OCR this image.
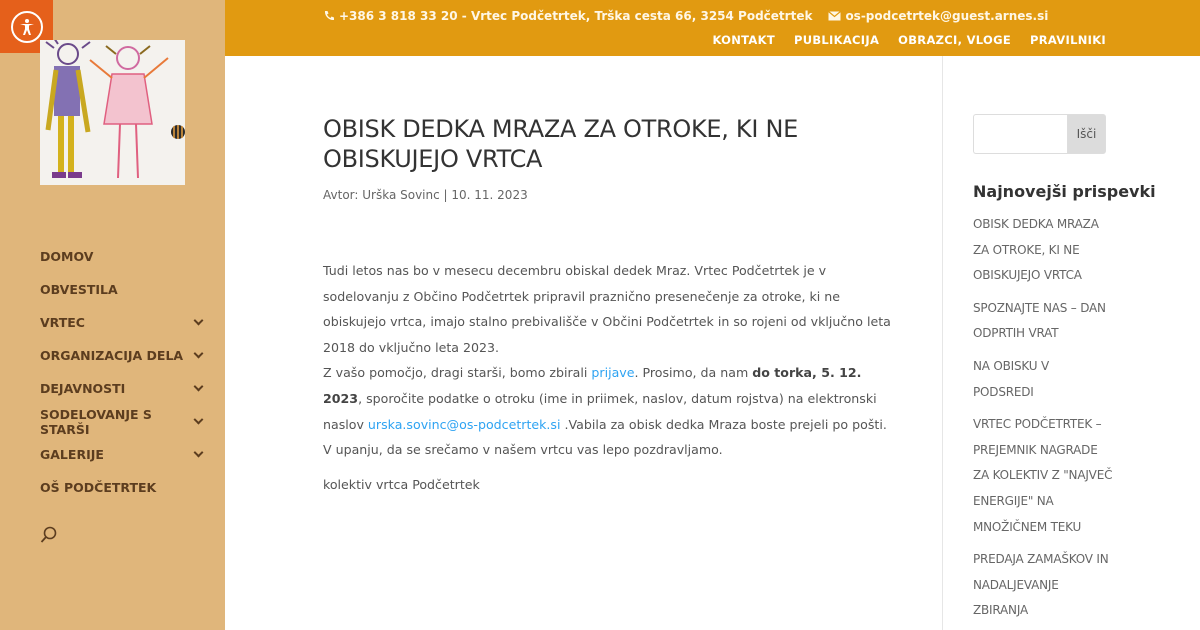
DOMOV
OBVESTILA
VRTEC
ORGANIZACIJA DELA
DEJAVNOSTI
SODELOVANJE S STARŠI
GALERIJE
OŠ PODČETRTEK
+386 3 818 33 20 - Vrtec Podčetrtek, Trška cesta 66, 3254 Podčetrtek	os-podcetrtek@guest.arnes.si
KONTAKT PUBLIKACIJA OBRAZCI, VLOGE PRAVILNIKI
OBISK DEDKA MRAZA ZA OTROKE, KI NE OBISKUJEJO VRTCA
Avtor: Urška Sovinc | 10. 11. 2023

Tudi letos nas bo v mesecu decembru obiskal dedek Mraz. Vrtec Podčetrtek je v sodelovanju z Občino Podčetrtek pripravil praznično presenečenje za otroke, ki ne obiskujejo vrtca, imajo stalno prebivališče v Občini Podčetrtek in so rojeni od vključno leta 2018 do vključno leta 2023.

Z vašo pomočjo, dragi starši, bomo zbirali prijave. Prosimo, da nam do torka, 5. 12. 2023, sporočite podatke o otroku (ime in priimek, naslov, datum rojstva) na elektronski naslov urska.sovinc@os-podcetrtek.si .Vabila za obisk dedka Mraza boste prejeli po pošti.

V upanju, da se srečamo v našem vrtcu vas lepo pozdravljamo.

kolektiv vrtca Podčetrtek

Išči
Najnovejši prispevki
OBISK DEDKA MRAZA ZA OTROKE, KI NE OBISKUJEJO VRTCA
SPOZNAJTE NAS – DAN ODPRTIH VRAT
NA OBISKU V PODSREDI
VRTEC PODČETRTEK – PREJEMNIK NAGRADE ZA KOLEKTIV Z "NAJVEČ ENERGIJE" NA MNOŽIČNEM TEKU
PREDAJA ZAMAŠKOV IN NADALJEVANJE ZBIRANJA
